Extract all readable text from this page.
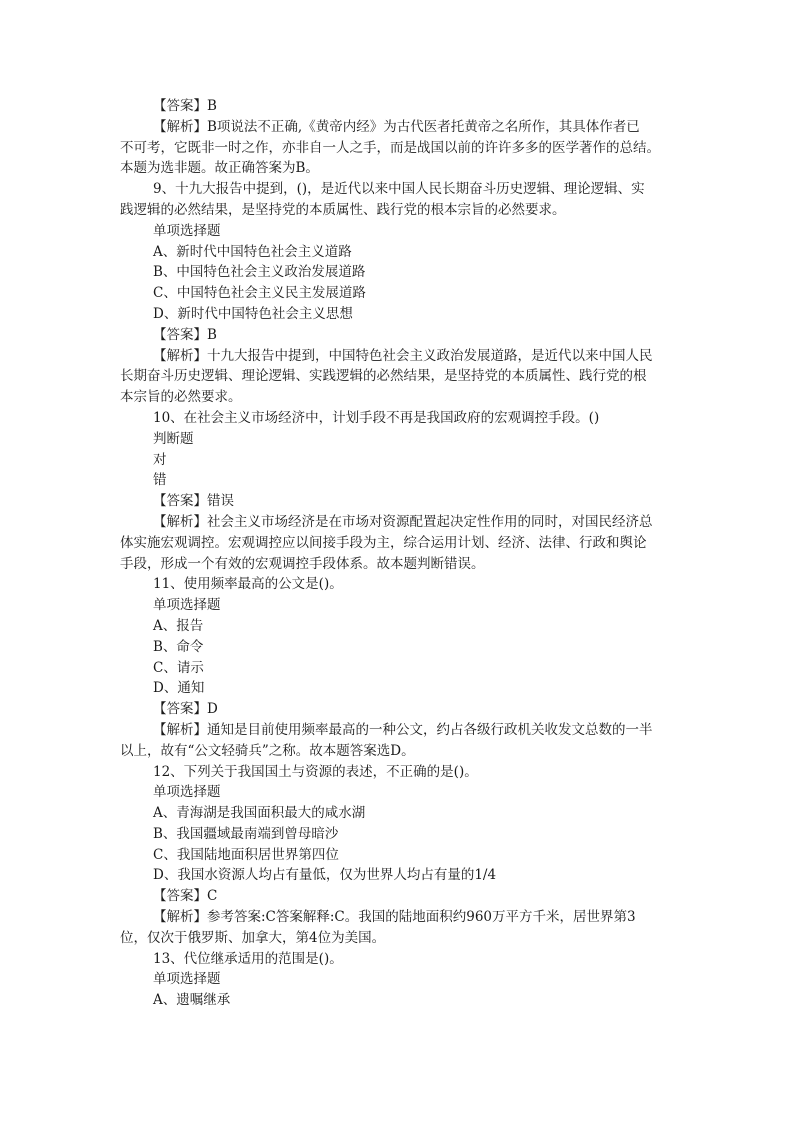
【答案】B
【解析】B项说法不正确,《黄帝内经》为古代医者托黄帝之名所作，其具体作者已
不可考，它既非一时之作，亦非自一人之手，而是战国以前的许许多多的医学著作的总结。
本题为选非题。故正确答案为B。
9、十九大报告中提到，()，是近代以来中国人民长期奋斗历史逻辑、理论逻辑、实
践逻辑的必然结果，是坚持党的本质属性、践行党的根本宗旨的必然要求。
单项选择题
A、新时代中国特色社会主义道路
B、中国特色社会主义政治发展道路
C、中国特色社会主义民主发展道路
D、新时代中国特色社会主义思想
【答案】B
【解析】十九大报告中提到，中国特色社会主义政治发展道路，是近代以来中国人民
长期奋斗历史逻辑、理论逻辑、实践逻辑的必然结果，是坚持党的本质属性、践行党的根
本宗旨的必然要求。
10、在社会主义市场经济中，计划手段不再是我国政府的宏观调控手段。()
判断题
对
错
【答案】错误
【解析】社会主义市场经济是在市场对资源配置起决定性作用的同时，对国民经济总
体实施宏观调控。宏观调控应以间接手段为主，综合运用计划、经济、法律、行政和舆论
手段，形成一个有效的宏观调控手段体系。故本题判断错误。
11、使用频率最高的公文是()。
单项选择题
A、报告
B、命令
C、请示
D、通知
【答案】D
【解析】通知是目前使用频率最高的一种公文，约占各级行政机关收发文总数的一半
以上，故有“公文轻骑兵”之称。故本题答案选D。
12、下列关于我国国土与资源的表述，不正确的是()。
单项选择题
A、青海湖是我国面积最大的咸水湖
B、我国疆域最南端到曾母暗沙
C、我国陆地面积居世界第四位
D、我国水资源人均占有量低，仅为世界人均占有量的1/4
【答案】C
【解析】参考答案:C答案解释:C。我国的陆地面积约960万平方千米，居世界第3
位，仅次于俄罗斯、加拿大，第4位为美国。
13、代位继承适用的范围是()。
单项选择题
A、遗嘱继承
